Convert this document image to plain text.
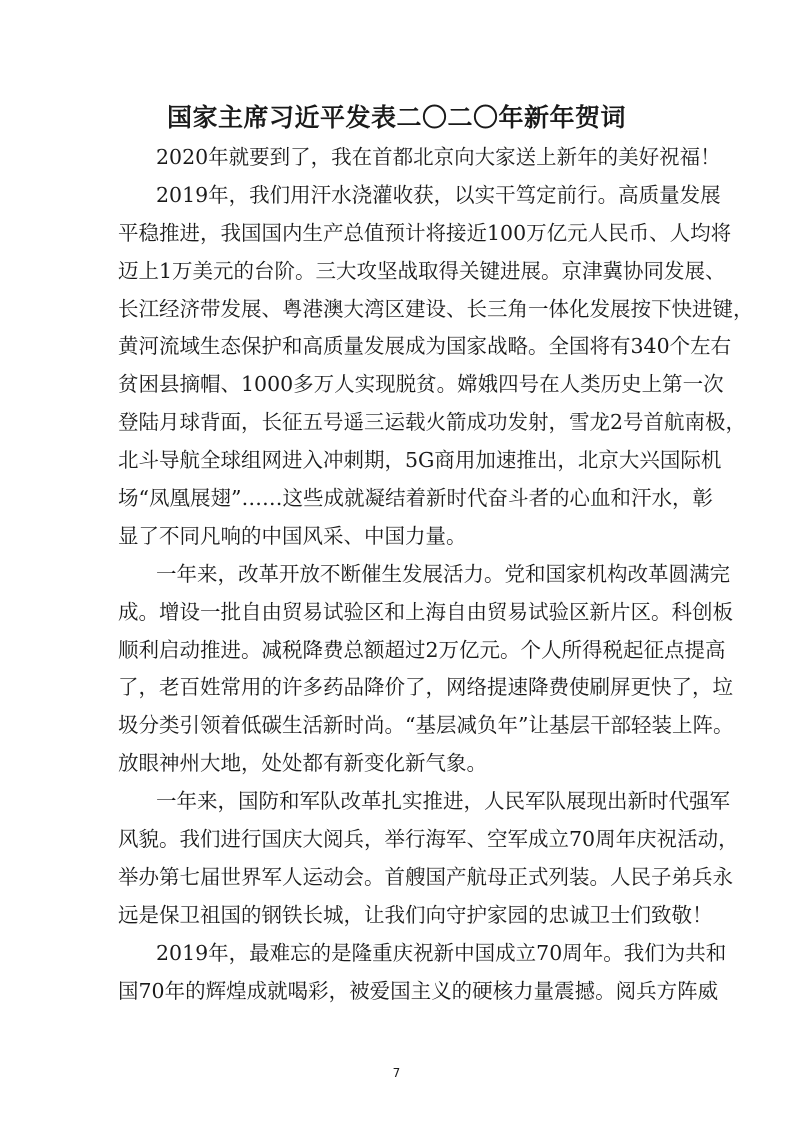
国家主席习近平发表二〇二〇年新年贺词
2020年就要到了，我在首都北京向大家送上新年的美好祝福！
2019年，我们用汗水浇灌收获，以实干笃定前行。高质量发展
平稳推进，我国国内生产总值预计将接近100万亿元人民币、人均将
迈上1万美元的台阶。三大攻坚战取得关键进展。京津冀协同发展、
长江经济带发展、粤港澳大湾区建设、长三角一体化发展按下快进键，
黄河流域生态保护和高质量发展成为国家战略。全国将有340个左右
贫困县摘帽、1000多万人实现脱贫。嫦娥四号在人类历史上第一次
登陆月球背面，长征五号遥三运载火箭成功发射，雪龙2号首航南极，
北斗导航全球组网进入冲刺期，5G商用加速推出，北京大兴国际机
场“凤凰展翅”……这些成就凝结着新时代奋斗者的心血和汗水，彰
显了不同凡响的中国风采、中国力量。
一年来，改革开放不断催生发展活力。党和国家机构改革圆满完
成。增设一批自由贸易试验区和上海自由贸易试验区新片区。科创板
顺利启动推进。减税降费总额超过2万亿元。个人所得税起征点提高
了，老百姓常用的许多药品降价了，网络提速降费使刷屏更快了，垃
圾分类引领着低碳生活新时尚。“基层减负年”让基层干部轻装上阵。
放眼神州大地，处处都有新变化新气象。
一年来，国防和军队改革扎实推进，人民军队展现出新时代强军
风貌。我们进行国庆大阅兵，举行海军、空军成立70周年庆祝活动，
举办第七届世界军人运动会。首艘国产航母正式列装。人民子弟兵永
远是保卫祖国的钢铁长城，让我们向守护家园的忠诚卫士们致敬！
2019年，最难忘的是隆重庆祝新中国成立70周年。我们为共和
国70年的辉煌成就喝彩，被爱国主义的硬核力量震撼。阅兵方阵威
7
